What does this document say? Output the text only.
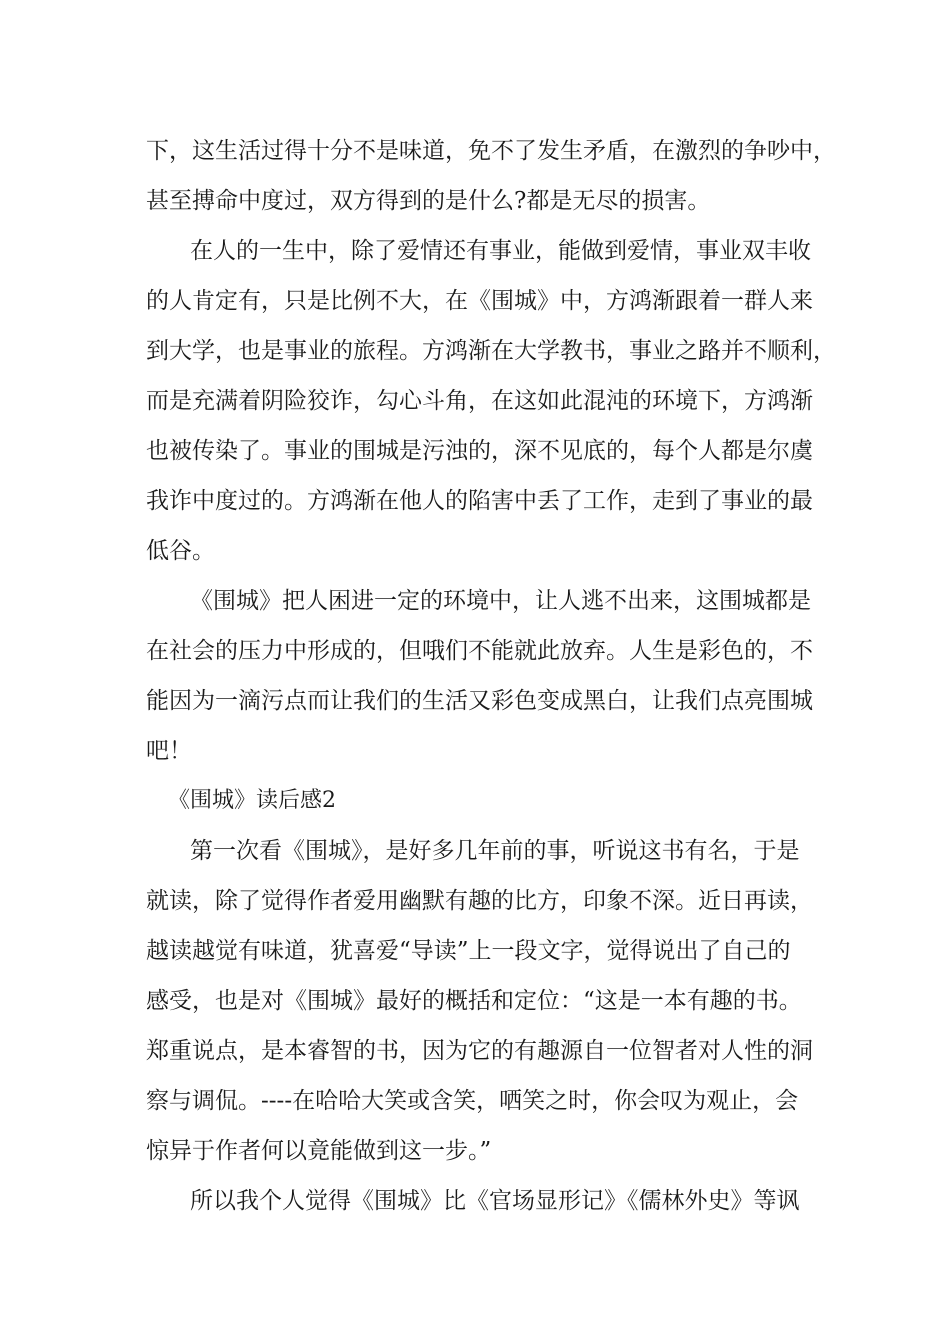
下，这生活过得十分不是味道，免不了发生矛盾，在激烈的争吵中，

甚至搏命中度过，双方得到的是什么?都是无尽的损害。

在人的一生中，除了爱情还有事业，能做到爱情，事业双丰收

的人肯定有，只是比例不大，在《围城》中，方鸿渐跟着一群人来

到大学，也是事业的旅程。方鸿渐在大学教书，事业之路并不顺利，

而是充满着阴险狡诈，勾心斗角，在这如此混沌的环境下，方鸿渐

也被传染了。事业的围城是污浊的，深不见底的，每个人都是尔虞

我诈中度过的。方鸿渐在他人的陷害中丢了工作，走到了事业的最

低谷。

《围城》把人困进一定的环境中，让人逃不出来，这围城都是

在社会的压力中形成的，但哦们不能就此放弃。人生是彩色的，不

能因为一滴污点而让我们的生活又彩色变成黑白，让我们点亮围城

吧！

《围城》读后感2

第一次看《围城》，是好多几年前的事，听说这书有名，于是

就读，除了觉得作者爱用幽默有趣的比方，印象不深。近日再读，

越读越觉有味道，犹喜爱“导读”上一段文字，觉得说出了自己的

感受，也是对《围城》最好的概括和定位：“这是一本有趣的书。

郑重说点，是本睿智的书，因为它的有趣源自一位智者对人性的洞

察与调侃。----在哈哈大笑或含笑，哂笑之时，你会叹为观止，会

惊异于作者何以竟能做到这一步。”

所以我个人觉得《围城》比《官场显形记》《儒林外史》等讽
